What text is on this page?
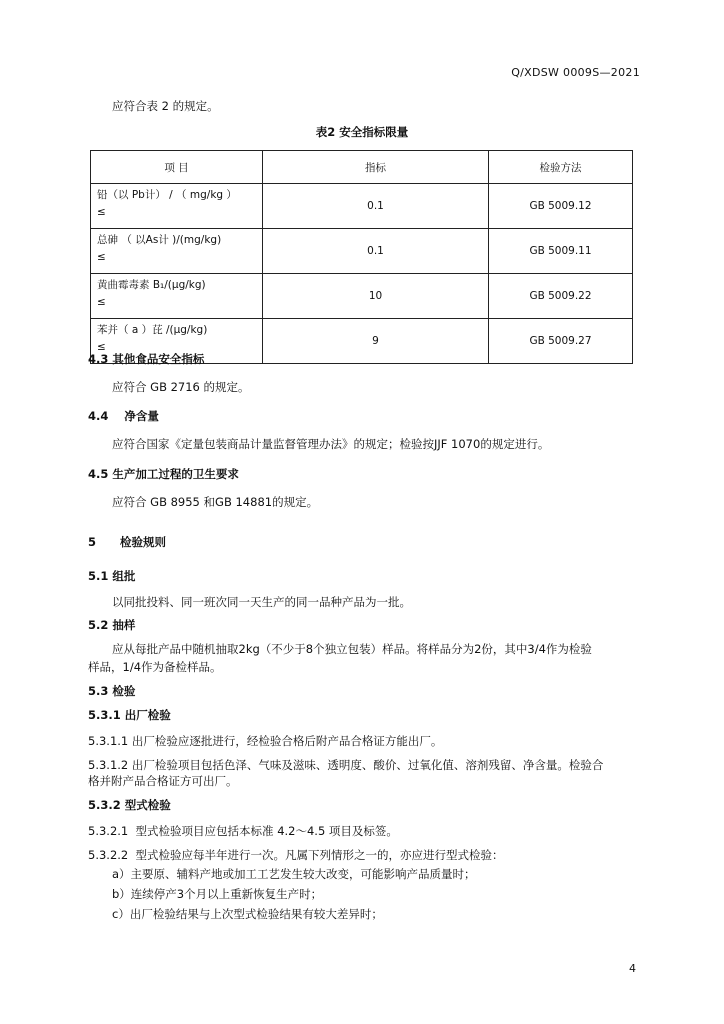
Q/XDSW 0009S—2021
应符合表 2 的规定。
表2 安全指标限量
项 目	指标	检验方法

铅（以 Pb计） / （ mg/kg ）
≤	0.1	GB 5009.12

总砷 （ 以As计 )/(mg/kg)
≤	0.1	GB 5009.11

黄曲霉毒素 B₁/(μg/kg)
≤	10	GB 5009.22

苯并（ a ）芘 /(μg/kg)
≤	9	GB 5009.27
4.3 其他食品安全指标
应符合 GB 2716 的规定。
4.4    净含量
应符合国家《定量包装商品计量监督管理办法》的规定；检验按JJF 1070的规定进行。
4.5 生产加工过程的卫生要求
应符合 GB 8955 和GB 14881的规定。
5      检验规则
5.1 组批
以同批投料、同一班次同一天生产的同一品种产品为一批。
5.2 抽样
应从每批产品中随机抽取2kg（不少于8个独立包装）样品。将样品分为2份，其中3/4作为检验
样品，1/4作为备检样品。
5.3 检验
5.3.1 出厂检验
5.3.1.1 出厂检验应逐批进行，经检验合格后附产品合格证方能出厂。
5.3.1.2 出厂检验项目包括色泽、气味及滋味、透明度、酸价、过氧化值、溶剂残留、净含量。检验合
格并附产品合格证方可出厂。
5.3.2 型式检验
5.3.2.1  型式检验项目应包括本标准 4.2～4.5 项目及标签。
5.3.2.2  型式检验应每半年进行一次。凡属下列情形之一的，亦应进行型式检验：
a）主要原、辅料产地或加工工艺发生较大改变，可能影响产品质量时；
b）连续停产3个月以上重新恢复生产时；
c）出厂检验结果与上次型式检验结果有较大差异时；
4
